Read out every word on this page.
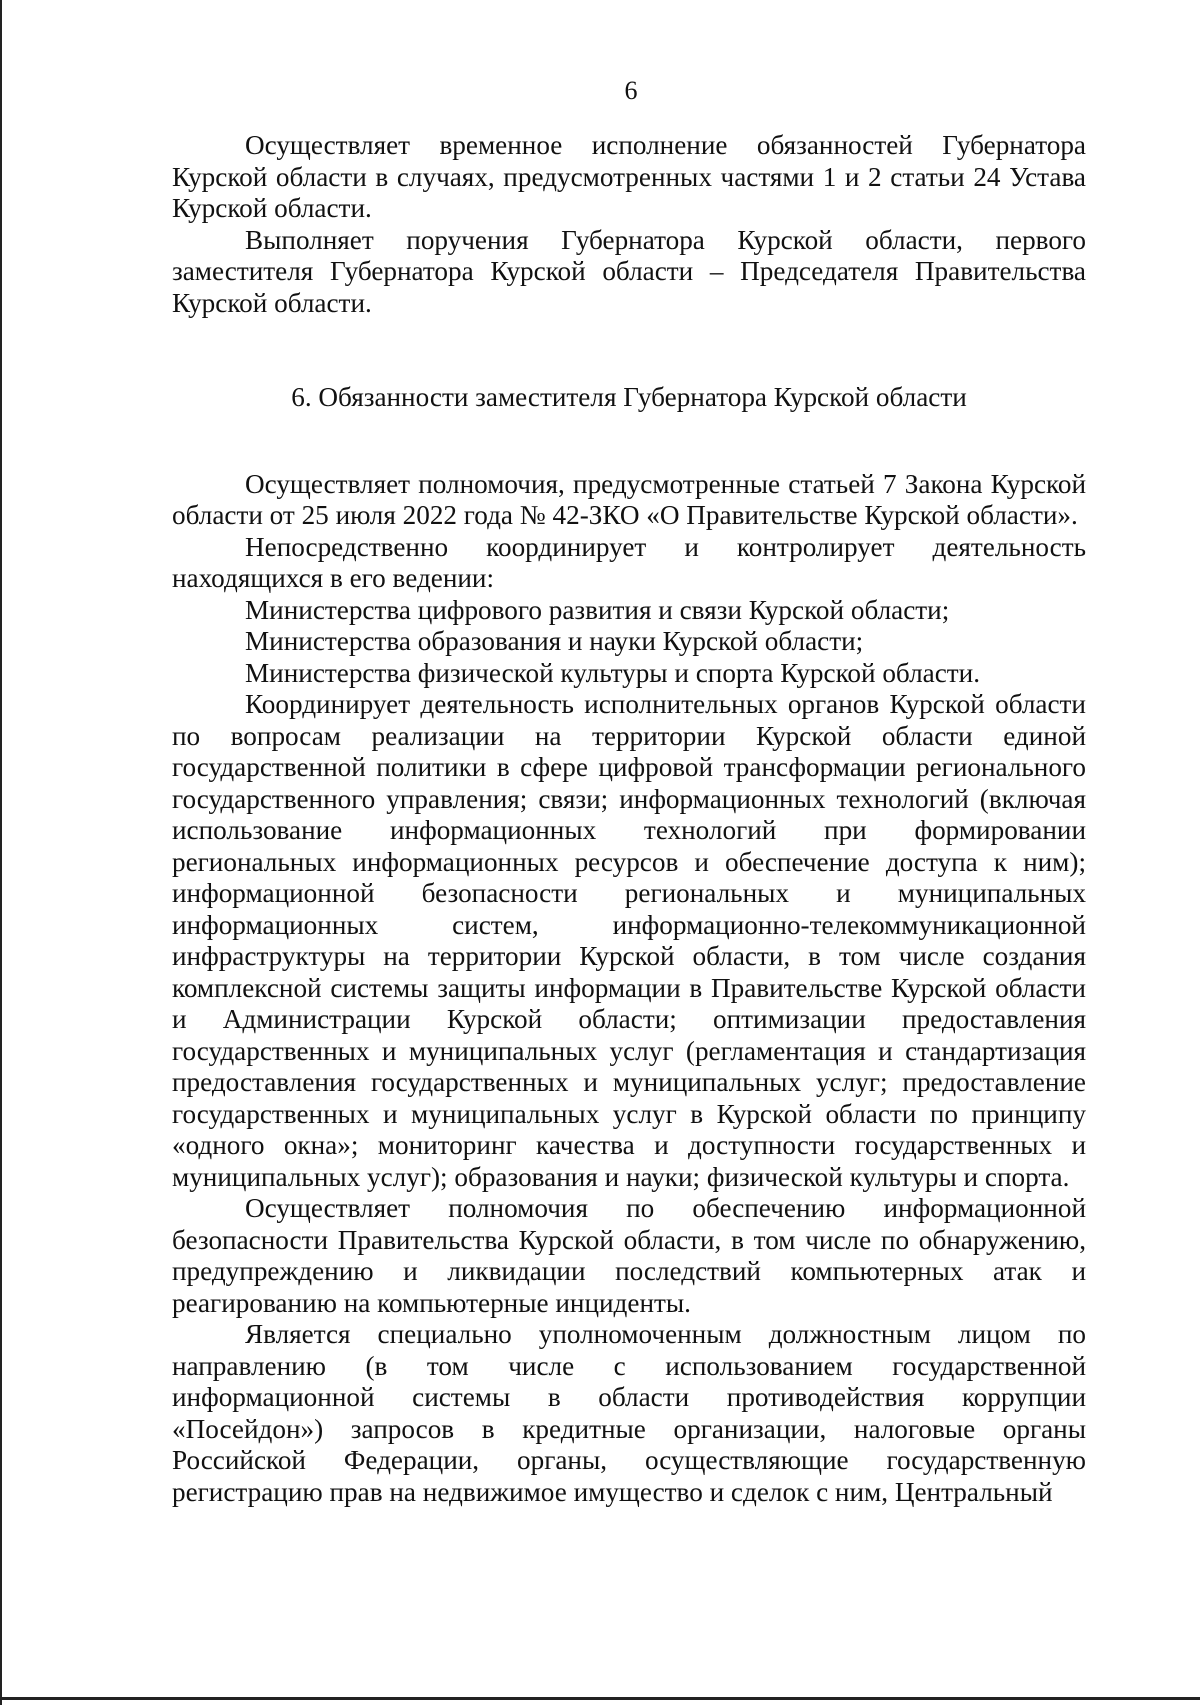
6

Осуществляет временное исполнение обязанностей Губернатора Курской области в случаях, предусмотренных частями 1 и 2 статьи 24 Устава Курской области.

Выполняет поручения Губернатора Курской области, первого заместителя Губернатора Курской области – Председателя Правительства Курской области.

6. Обязанности заместителя Губернатора Курской области

Осуществляет полномочия, предусмотренные статьей 7 Закона Курской области от 25 июля 2022 года № 42-ЗКО «О Правительстве Курской области».

Непосредственно координирует и контролирует деятельность находящихся в его ведении:

Министерства цифрового развития и связи Курской области;

Министерства образования и науки Курской области;

Министерства физической культуры и спорта Курской области.

Координирует деятельность исполнительных органов Курской области по вопросам реализации на территории Курской области единой государственной политики в сфере цифровой трансформации регионального государственного управления; связи; информационных технологий (включая использование информационных технологий при формировании региональных информационных ресурсов и обеспечение доступа к ним); информационной безопасности региональных и муниципальных информационных систем, информационно-телекоммуникационной инфраструктуры на территории Курской области, в том числе создания комплексной системы защиты информации в Правительстве Курской области и Администрации Курской области; оптимизации предоставления государственных и муниципальных услуг (регламентация и стандартизация предоставления государственных и муниципальных услуг; предоставление государственных и муниципальных услуг в Курской области по принципу «одного окна»; мониторинг качества и доступности государственных и муниципальных услуг); образования и науки; физической культуры и спорта.

Осуществляет полномочия по обеспечению информационной безопасности Правительства Курской области, в том числе по обнаружению, предупреждению и ликвидации последствий компьютерных атак и реагированию на компьютерные инциденты.

Является специально уполномоченным должностным лицом по направлению (в том числе с использованием государственной информационной системы в области противодействия коррупции «Посейдон») запросов в кредитные организации, налоговые органы Российской Федерации, органы, осуществляющие государственную регистрацию прав на недвижимое имущество и сделок с ним, Центральный
